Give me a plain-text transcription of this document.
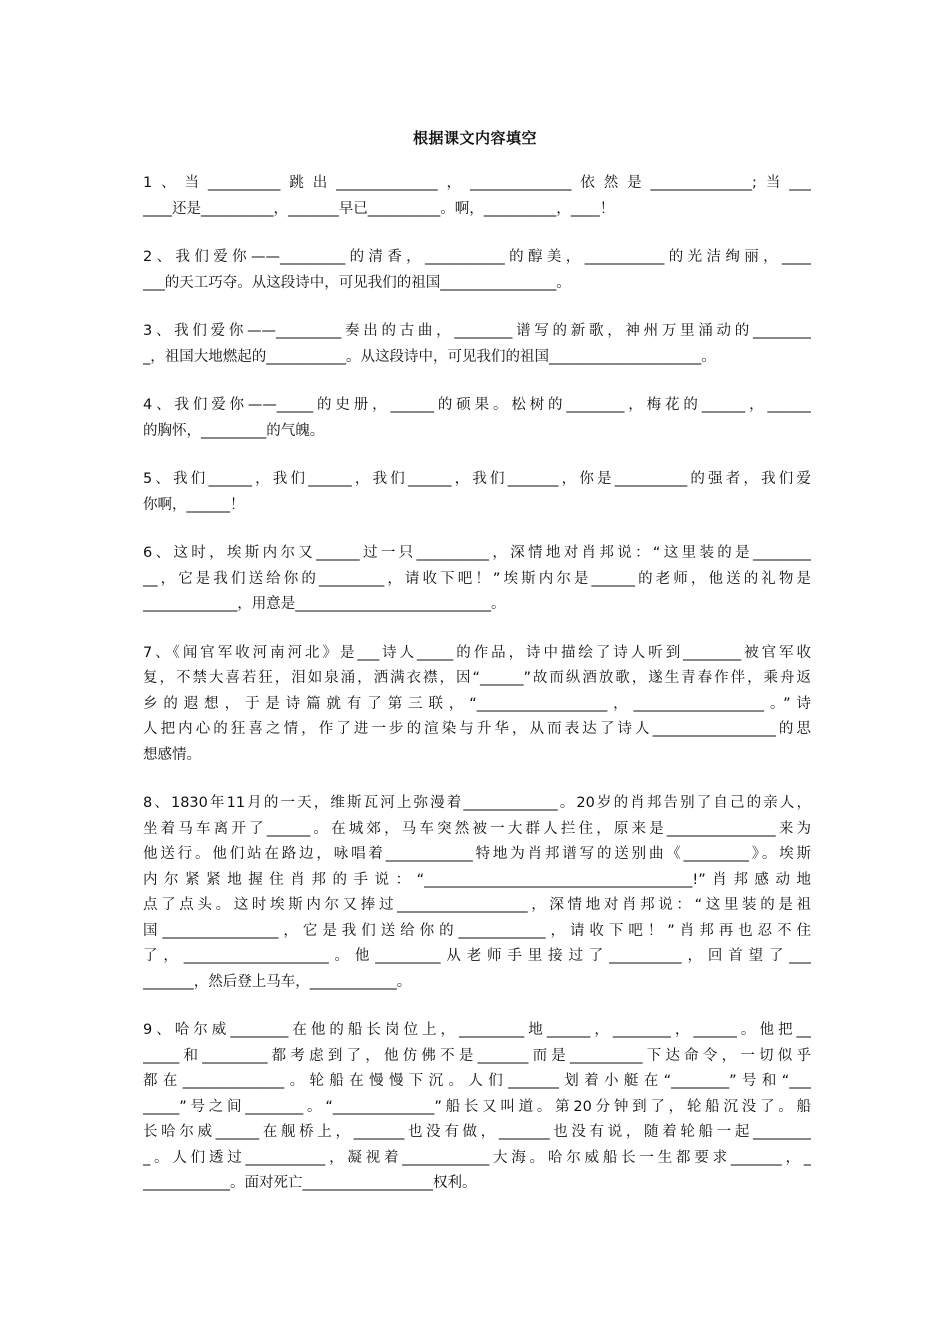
根据课文内容填空
1、当__________跳出______________，______________依然是______________;当___
____还是__________，_______早已__________。啊，__________，____！
2、我们爱你——_________的清香，___________的醇美，___________的光洁绚丽，____
___的天工巧夺。从这段诗中，可见我们的祖国________________。
3、我们爱你——_________奏出的古曲，________谱写的新歌，神州万里涌动的________
_，祖国大地燃起的___________。从这段诗中，可见我们的祖国_____________________。
4、我们爱你——_____的史册，______的硕果。松树的________，梅花的______，______
的胸怀，_________的气魄。
5、我们______，我们______，我们______，我们_______，你是__________的强者，我们爱
你啊，______！
6、这时，埃斯内尔又______过一只__________，深情地对肖邦说：“这里装的是________
__，它是我们送给你的_________，请收下吧！”埃斯内尔是______的老师，他送的礼物是
_____________，用意是___________________________。
7、《闻官军收河南河北》是___诗人_____的作品，诗中描绘了诗人听到________被官军收
复，不禁大喜若狂，泪如泉涌，洒满衣襟，因“______”故而纵酒放歌，遂生青春作伴，乘舟返
乡的遐想，于是诗篇就有了第三联，“__________________，__________________。”诗
人把内心的狂喜之情，作了进一步的渲染与升华，从而表达了诗人_________________的思
想感情。
8、1830年11月的一天，维斯瓦河上弥漫着_____________。20岁的肖邦告别了自己的亲人，
坐着马车离开了______。在城郊，马车突然被一大群人拦住，原来是_______________来为
他送行。他们站在路边，咏唱着____________特地为肖邦谱写的送别曲《_________》。埃斯
内尔紧紧地握住肖邦的手说：“_____________________________________!”肖邦感动地
点了点头。这时埃斯内尔又捧过__________________，深情地对肖邦说：“这里装的是祖
国________________，它是我们送给你的____________，请收下吧！”肖邦再也忍不住
了，____________________。他_________从老师手里接过了__________，回首望了___
_______，然后登上马车，____________。
9、哈尔威________在他的船长岗位上，_________地______，________，______。他把__
_____和_________都考虑到了，他仿佛不是_______而是__________下达命令，一切似乎
都在______________。轮船在慢慢下沉。人们_______划着小艇在“________”号和“___
_____”号之间________。“______________”船长又叫道。第20分钟到了，轮船沉没了。船
长哈尔威______在舰桥上，_______也没有做，_______也没有说，随着轮船一起________
_。人们透过___________，凝视着____________大海。哈尔威船长一生都要求_______，_
____________。面对死亡__________________权利。
